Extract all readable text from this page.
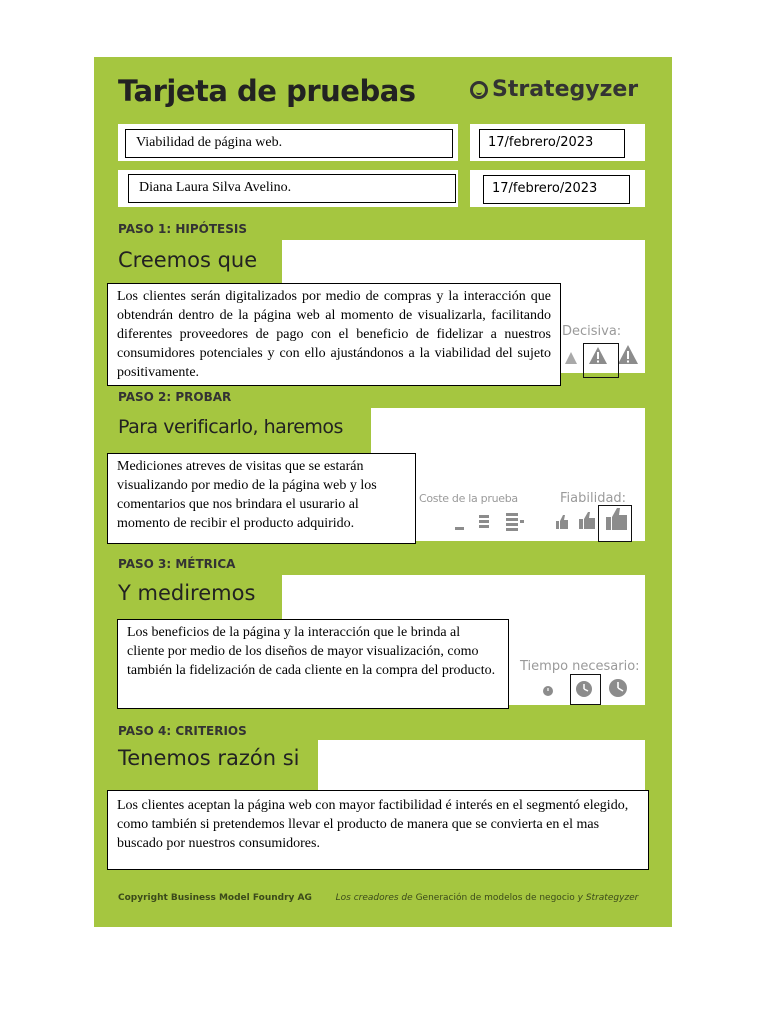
Tarjeta de pruebas	Strategyzer
Viabilidad de página web.	17/febrero/2023
Diana Laura Silva Avelino.	17/febrero/2023
PASO 1: HIPÓTESIS
Creemos que
Los clientes serán digitalizados por medio de compras y la interacción que obtendrán dentro de la página web al momento de visualizarla, facilitando diferentes proveedores de pago con el beneficio de fidelizar a nuestros consumidores potenciales y con ello ajustándonos a la viabilidad del sujeto positivamente.
Decisiva:
PASO 2: PROBAR
Para verificarlo, haremos
Mediciones atreves de visitas que se estarán visualizando por medio de la página web y los comentarios que nos brindara el usurario al momento de recibir el producto adquirido.
Coste de la prueba	Fiabilidad:
PASO 3: MÉTRICA
Y mediremos
Los beneficios de la página y la interacción que le brinda al cliente por medio de los diseños de mayor visualización, como también la fidelización de cada cliente en la compra del producto.	Tiempo necesario:
PASO 4: CRITERIOS
Tenemos razón si
Los clientes aceptan la página web con mayor factibilidad é interés en el segmentó elegido, como también si pretendemos llevar el producto de manera que se convierta en el mas buscado por nuestros consumidores.
Copyright Business Model Foundry AG	Los creadores de Generación de modelos de negocio y Strategyzer
